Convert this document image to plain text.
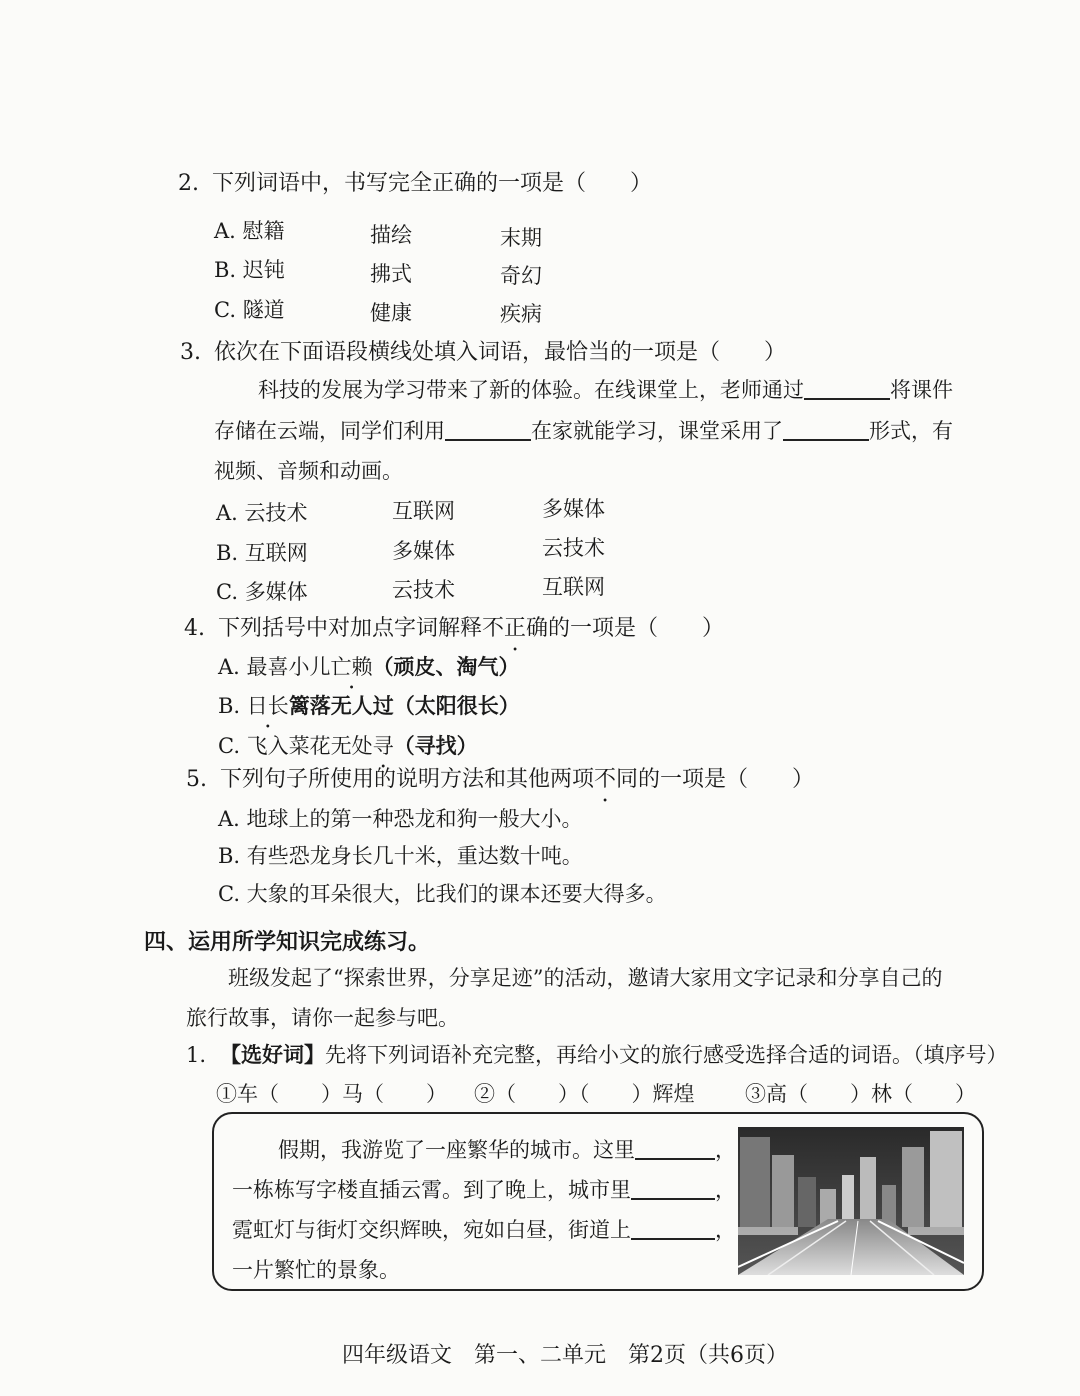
2. 下列词语中，书写完全正确的一项是（　　）
A. 慰籍	描绘	末期
B. 迟钝	拂式	奇幻
C. 隧道	健康	疾病
3. 依次在下面语段横线处填入词语，最恰当的一项是（　　）
科技的发展为学习带来了新的体验。在线课堂上，老师通过	将课件
存储在云端，同学们利用	在家就能学习，课堂采用了	形式，有
视频、音频和动画。
A. 云技术	互联网	多媒体
B. 互联网	多媒体	云技术
C. 多媒体	云技术	互联网
4. 下列括号中对加点字词解释不正确的一项是（　　）
A. 最喜小儿亡赖（顽皮、淘气）
B. 日长篱落无人过（太阳很长）
C. 飞入菜花无处寻（寻找）
5. 下列句子所使用的说明方法和其他两项不同的一项是（　　）
A. 地球上的第一种恐龙和狗一般大小。
B. 有些恐龙身长几十米，重达数十吨。
C. 大象的耳朵很大，比我们的课本还要大得多。
四、运用所学知识完成练习。
班级发起了“探索世界，分享足迹”的活动，邀请大家用文字记录和分享自己的
旅行故事，请你一起参与吧。
1. 【选好词】先将下列词语补充完整，再给小文的旅行感受选择合适的词语。（填序号）
①车（　　）马（　　） ②（　　）（　　）辉煌 ③高（　　）林（　　）
假期，我游览了一座繁华的城市。这里	，
一栋栋写字楼直插云霄。到了晚上，城市里	，
霓虹灯与街灯交织辉映，宛如白昼，街道上	，
一片繁忙的景象。
四年级语文　第一、二单元　第2页（共6页）
